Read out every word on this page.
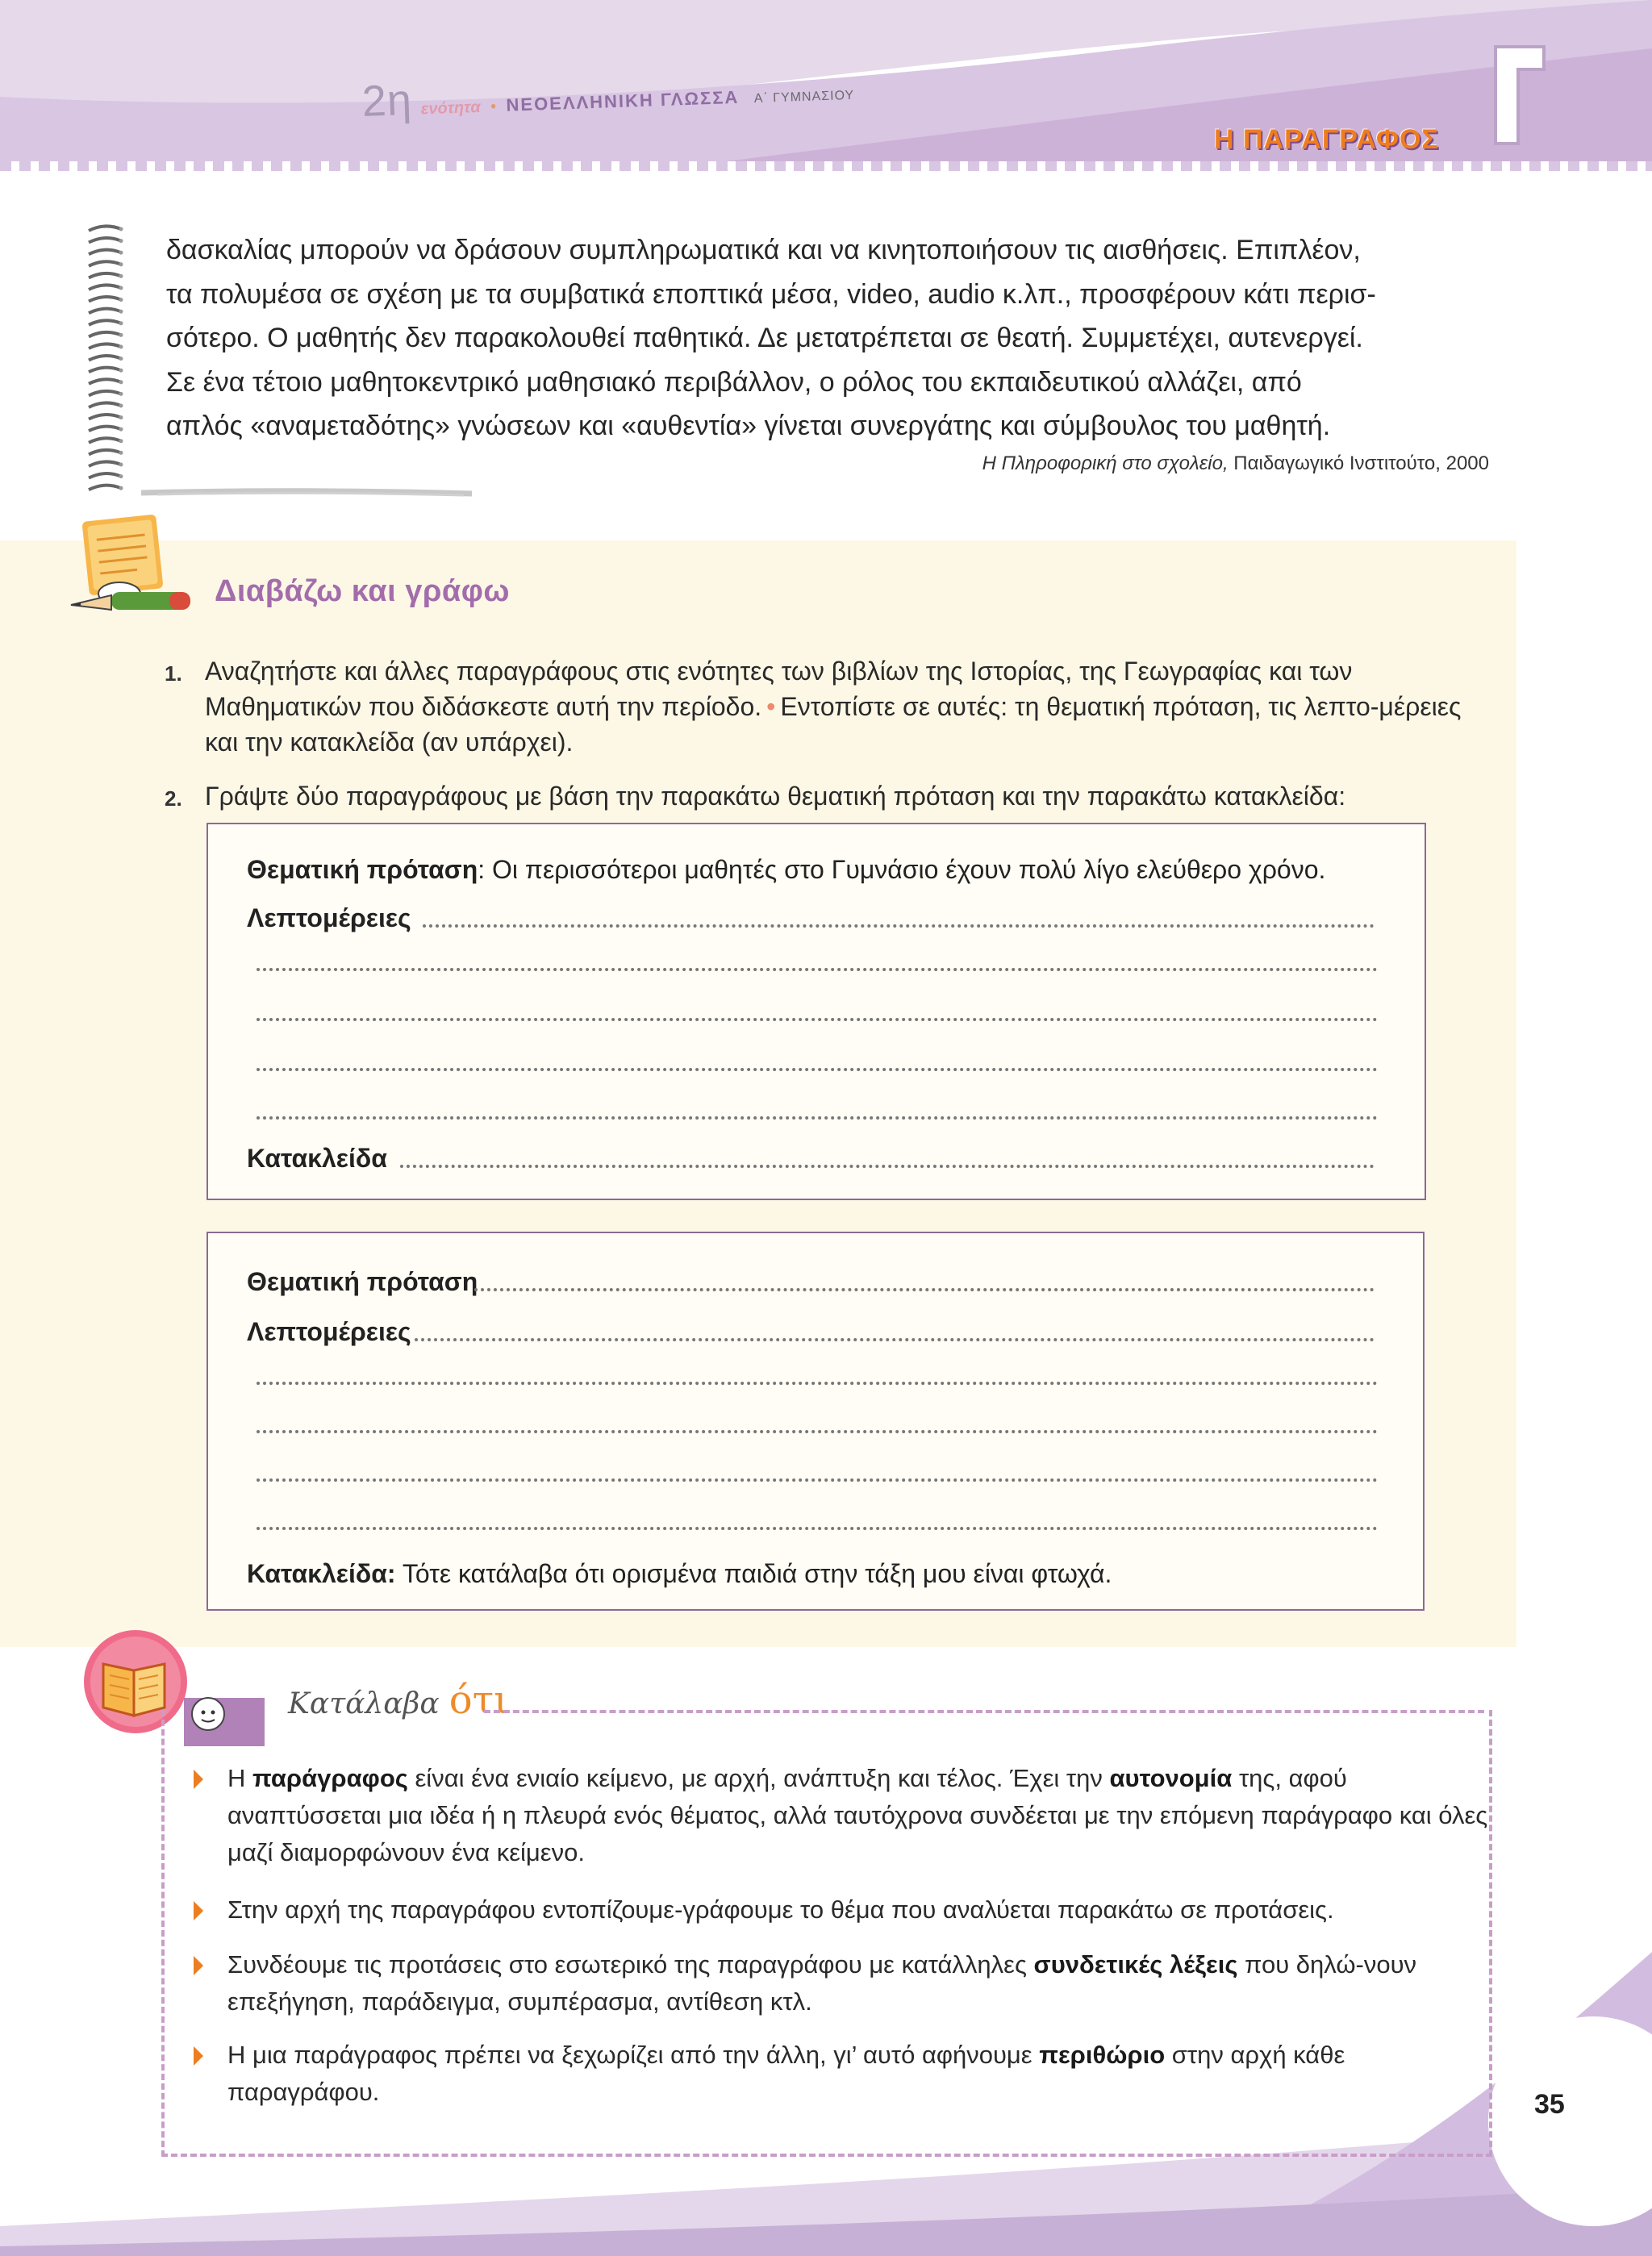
2η ενότητα • ΝΕΟΕΛΛΗΝΙΚΗ ΓΛΩΣΣΑ Α΄ ΓΥΜΝΑΣΙΟΥ
Η ΠΑΡΑΓΡΑΦΟΣ

δασκαλίας μπορούν να δράσουν συμπληρωματικά και να κινητοποιήσουν τις αισθήσεις. Επιπλέον,

τα πολυμέσα σε σχέση με τα συμβατικά εποπτικά μέσα, video, audio κ.λπ., προσφέρουν κάτι περισ-

σότερο. Ο μαθητής δεν παρακολουθεί παθητικά. Δε μετατρέπεται σε θεατή. Συμμετέχει, αυτενεργεί.

Σε ένα τέτοιο μαθητοκεντρικό μαθησιακό περιβάλλον, ο ρόλος του εκπαιδευτικού αλλάζει, από

απλός «αναμεταδότης» γνώσεων και «αυθεντία» γίνεται συνεργάτης και σύμβουλος του μαθητή.

Η Πληροφορική στο σχολείο, Παιδαγωγικό Ινστιτούτο, 2000
Διαβάζω και γράφω
1. Αναζητήστε και άλλες παραγράφους στις ενότητες των βιβλίων της Ιστορίας, της Γεωγραφίας και των Μαθηματικών που διδάσκεστε αυτή την περίοδο. • Εντοπίστε σε αυτές: τη θεματική πρόταση, τις λεπτο-μέρειες και την κατακλείδα (αν υπάρχει).
2. Γράψτε δύο παραγράφους με βάση την παρακάτω θεματική πρόταση και την παρακάτω κατακλείδα:
Θεματική πρόταση: Οι περισσότεροι μαθητές στο Γυμνάσιο έχουν πολύ λίγο ελεύθερο χρόνο.
Λεπτομέρειες
Κατακλείδα
Θεματική πρόταση
Λεπτομέρειες
Κατακλείδα: Τότε κατάλαβα ότι ορισμένα παιδιά στην τάξη μου είναι φτωχά.
Κατάλαβα ότι
Η παράγραφος είναι ένα ενιαίο κείμενο, με αρχή, ανάπτυξη και τέλος. Έχει την αυτονομία της, αφού αναπτύσσεται μια ιδέα ή η πλευρά ενός θέματος, αλλά ταυτόχρονα συνδέεται με την επόμενη παράγραφο και όλες μαζί διαμορφώνουν ένα κείμενο.
Στην αρχή της παραγράφου εντοπίζουμε-γράφουμε το θέμα που αναλύεται παρακάτω σε προτάσεις.
Συνδέουμε τις προτάσεις στο εσωτερικό της παραγράφου με κατάλληλες συνδετικές λέξεις που δηλώ-νουν επεξήγηση, παράδειγμα, συμπέρασμα, αντίθεση κτλ.
Η μια παράγραφος πρέπει να ξεχωρίζει από την άλλη, γι’ αυτό αφήνουμε περιθώριο στην αρχή κάθε παραγράφου.	35
